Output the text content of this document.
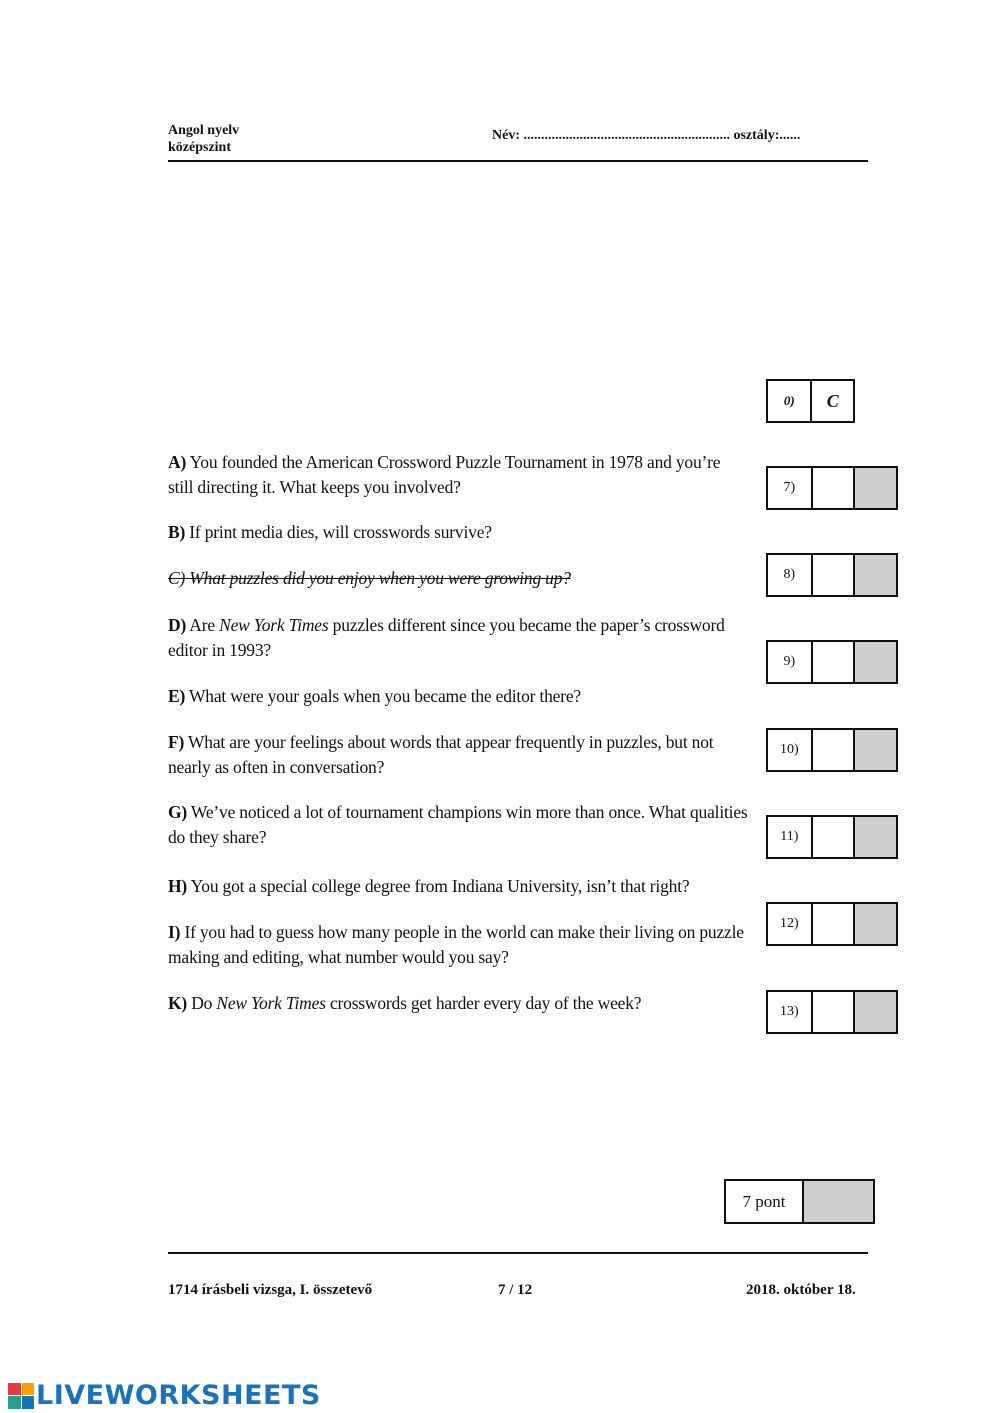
Angol nyelv
középszint
Név: ........................................................... osztály:......
0)	C
A) You founded the American Crossword Puzzle Tournament in 1978 and you’re still directing it. What keeps you involved?
B) If print media dies, will crosswords survive?
C) What puzzles did you enjoy when you were growing up?
D) Are New York Times puzzles different since you became the paper’s crossword editor in 1993?
E) What were your goals when you became the editor there?
F) What are your feelings about words that appear frequently in puzzles, but not nearly as often in conversation?
G) We’ve noticed a lot of tournament champions win more than once. What qualities do they share?
H) You got a special college degree from Indiana University, isn’t that right?
I) If you had to guess how many people in the world can make their living on puzzle making and editing, what number would you say?
K) Do New York Times crosswords get harder every day of the week?
7)
8)
9)
10)
11)
12)
13)
7 pont
1714 írásbeli vizsga, I. összetevő	7 / 12	2018. október 18.
LIVEWORKSHEETS
